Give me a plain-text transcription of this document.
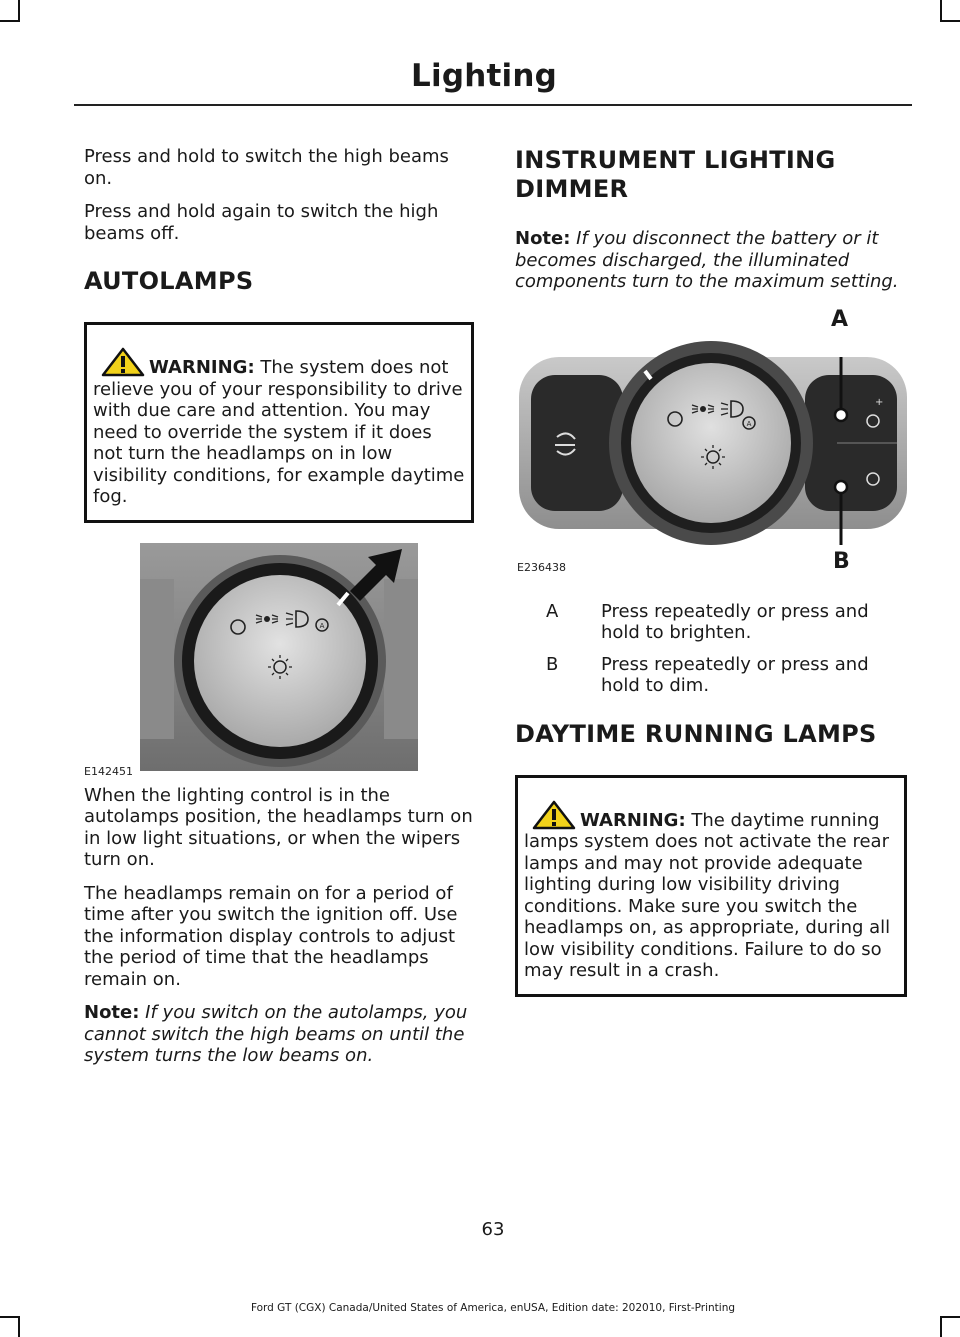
Lighting

Press and hold to switch the high beams on.

Press and hold again to switch the high beams off.

AUTOLAMPS
WARNING: The system does not relieve you of your responsibility to drive with due care and attention. You may need to override the system if it does not turn the headlamps on in low visibility conditions, for example daytime fog.
A
E142451

When the lighting control is in the autolamps position, the headlamps turn on in low light situations, or when the wipers turn on.

The headlamps remain on for a period of time after you switch the ignition off. Use the information display controls to adjust the period of time that the headlamps remain on.

Note: If you switch on the autolamps, you cannot switch the high beams on until the system turns the low beams on.

INSTRUMENT LIGHTING DIMMER

Note: If you disconnect the battery or it becomes discharged, the illuminated components turn to the maximum setting.

A
+
A
B
E236438
A	Press repeatedly or press and hold to brighten.
B	Press repeatedly or press and hold to dim.
DAYTIME RUNNING LAMPS
WARNING: The daytime running lamps system does not activate the rear lamps and may not provide adequate lighting during low visibility driving conditions. Make sure you switch the headlamps on, as appropriate, during all low visibility conditions. Failure to do so may result in a crash.
63
Ford GT (CGX) Canada/United States of America, enUSA, Edition date: 202010, First-Printing
